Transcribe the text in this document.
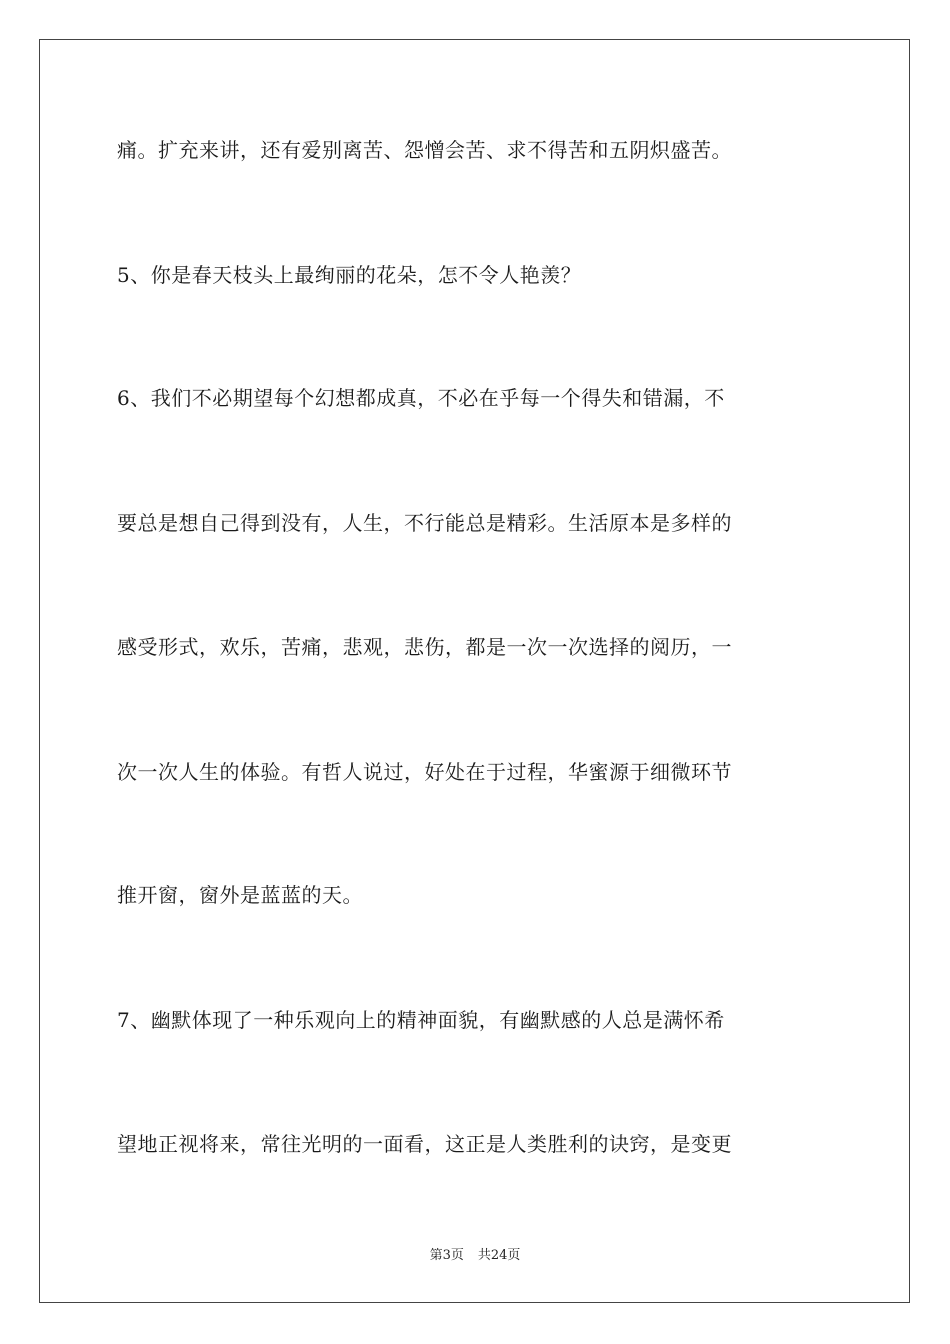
痛。扩充来讲，还有爱别离苦、怨憎会苦、求不得苦和五阴炽盛苦。
5、你是春天枝头上最绚丽的花朵，怎不令人艳羡？
6、我们不必期望每个幻想都成真，不必在乎每一个得失和错漏，不
要总是想自己得到没有，人生，不行能总是精彩。生活原本是多样的
感受形式，欢乐，苦痛，悲观，悲伤，都是一次一次选择的阅历，一
次一次人生的体验。有哲人说过，好处在于过程，华蜜源于细微环节
推开窗，窗外是蓝蓝的天。
7、幽默体现了一种乐观向上的精神面貌，有幽默感的人总是满怀希
望地正视将来，常往光明的一面看，这正是人类胜利的诀窍，是变更
第3页 共24页
